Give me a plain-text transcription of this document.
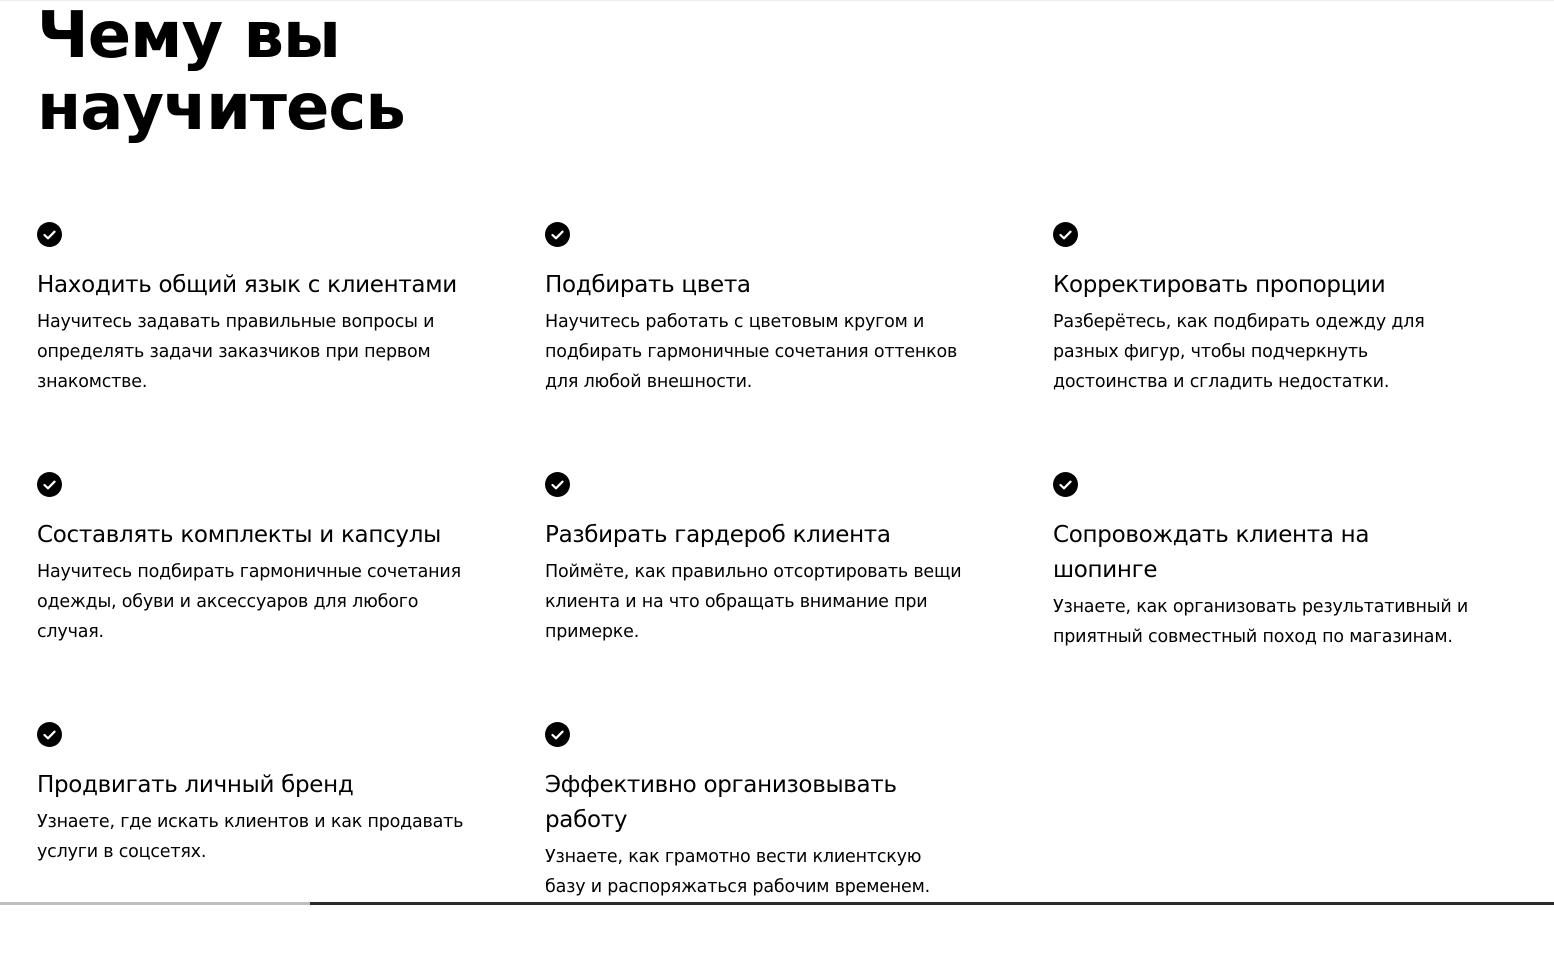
Чему вы научитесь
Находить общий язык с клиентами

Научитесь задавать правильные вопросы и определять задачи заказчиков при первом знакомстве.

Подбирать цвета

Научитесь работать с цветовым кругом и подбирать гармоничные сочетания оттенков для любой внешности.

Корректировать пропорции

Разберётесь, как подбирать одежду для разных фигур, чтобы подчеркнуть достоинства и сгладить недостатки.

Составлять комплекты и капсулы

Научитесь подбирать гармоничные сочетания одежды, обуви и аксессуаров для любого случая.

Разбирать гардероб клиента

Поймёте, как правильно отсортировать вещи клиента и на что обращать внимание при примерке.

Сопровождать клиента на шопинге

Узнаете, как организовать результативный и приятный совместный поход по магазинам.

Продвигать личный бренд

Узнаете, где искать клиентов и как продавать услуги в соцсетях.

Эффективно организовывать работу

Узнаете, как грамотно вести клиентскую базу и распоряжаться рабочим временем.
